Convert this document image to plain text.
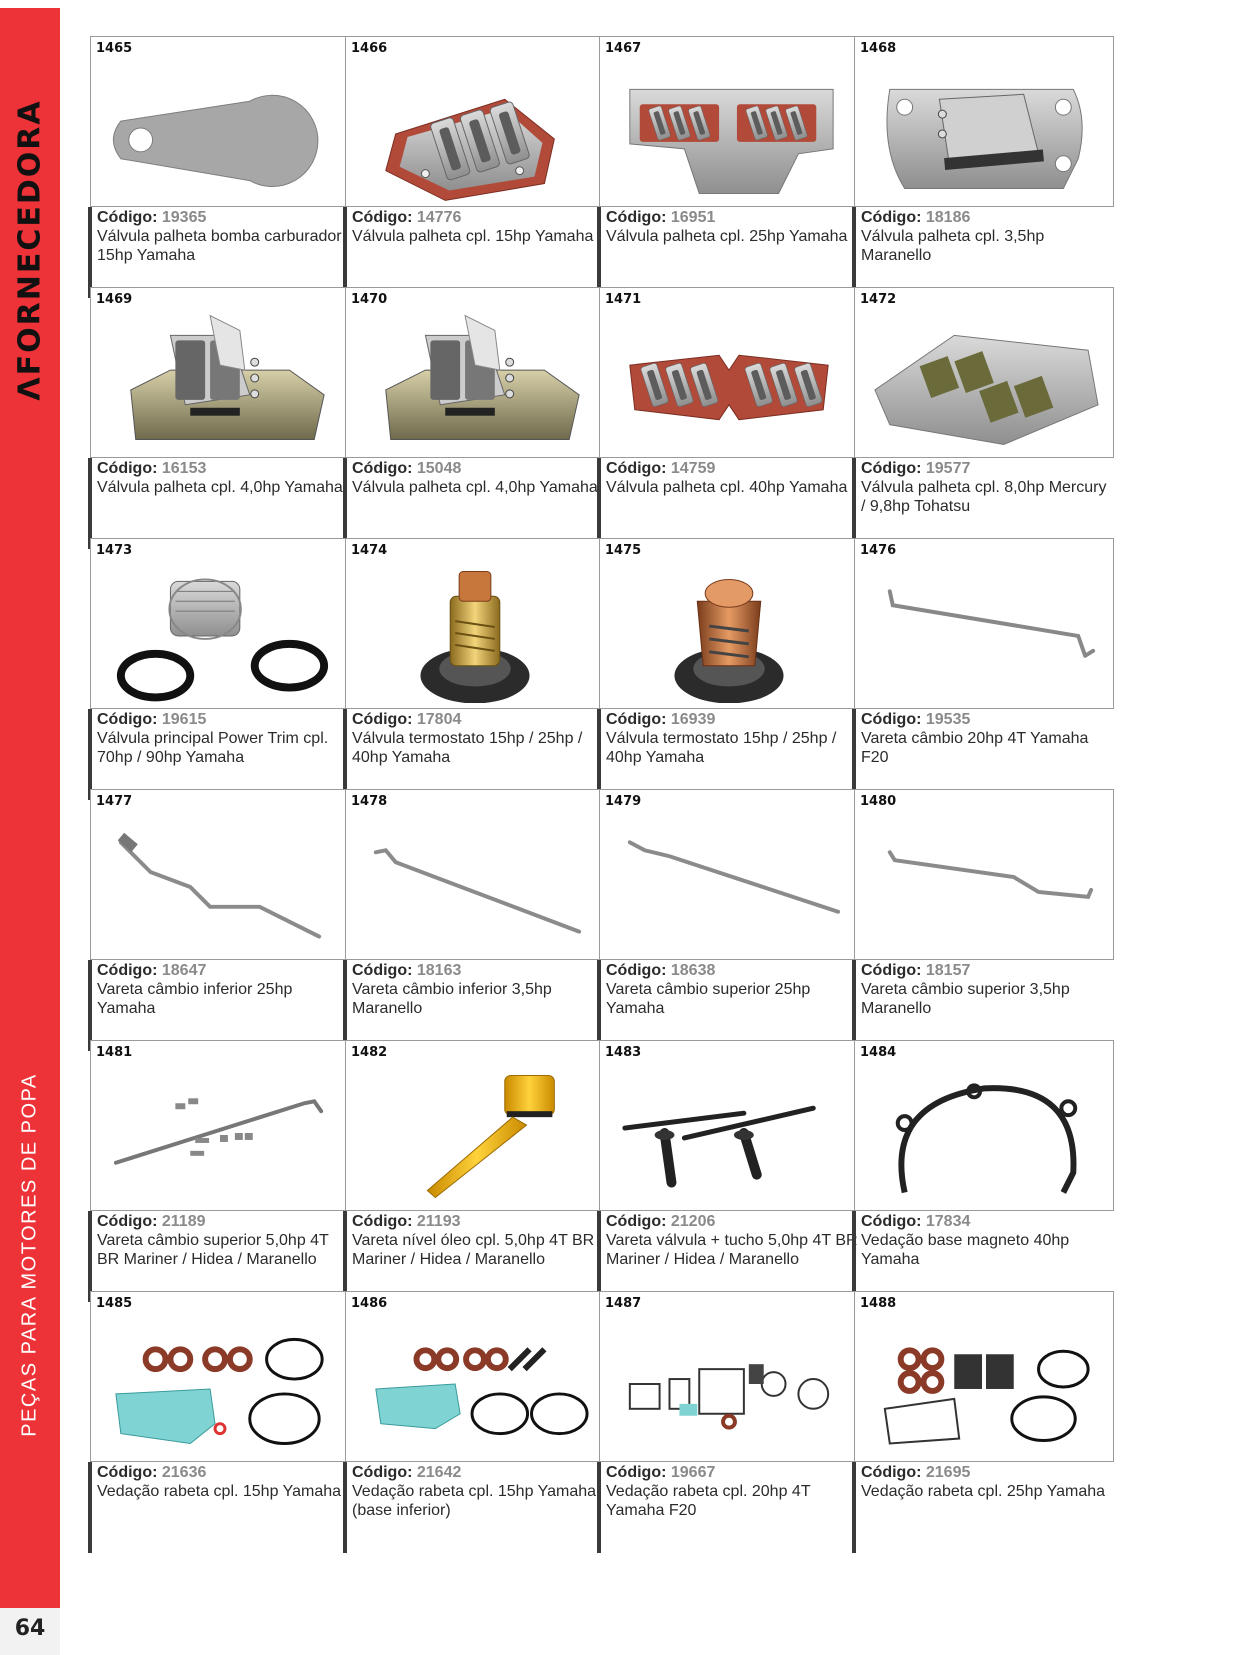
ΛFORNECEDORA
PEÇAS PARA MOTORES DE POPA
64
1465
Código: 19365
Válvula palheta bomba carburador 15hp Yamaha
1466
Código: 14776
Válvula palheta cpl. 15hp Yamaha
1467
Código: 16951
Válvula palheta cpl. 25hp Yamaha
1468
Código: 18186
Válvula palheta cpl. 3,5hp Maranello
1469
Código: 16153
Válvula palheta cpl. 4,0hp Yamaha
1470
Código: 15048
Válvula palheta cpl. 4,0hp Yamaha
1471
Código: 14759
Válvula palheta cpl. 40hp Yamaha
1472
Código: 19577
Válvula palheta cpl. 8,0hp Mercury / 9,8hp Tohatsu
1473
Código: 19615
Válvula principal Power Trim cpl. 70hp / 90hp Yamaha
1474
Código: 17804
Válvula termostato 15hp / 25hp / 40hp Yamaha
1475
Código: 16939
Válvula termostato 15hp / 25hp / 40hp Yamaha
1476
Código: 19535
Vareta câmbio 20hp 4T Yamaha F20
1477
Código: 18647
Vareta câmbio inferior 25hp Yamaha
1478
Código: 18163
Vareta câmbio inferior 3,5hp Maranello
1479
Código: 18638
Vareta câmbio superior 25hp Yamaha
1480
Código: 18157
Vareta câmbio superior 3,5hp Maranello
1481
Código: 21189
Vareta câmbio superior 5,0hp 4T BR Mariner / Hidea / Maranello
1482
Código: 21193
Vareta nível óleo cpl. 5,0hp 4T BR Mariner / Hidea / Maranello
1483
Código: 21206
Vareta válvula + tucho 5,0hp 4T BR Mariner / Hidea / Maranello
1484
Código: 17834
Vedação base magneto 40hp Yamaha
1485
Código: 21636
Vedação rabeta cpl. 15hp Yamaha
1486
Código: 21642
Vedação rabeta cpl. 15hp Yamaha (base inferior)
1487
Código: 19667
Vedação rabeta cpl. 20hp 4T Yamaha F20
1488
Código: 21695
Vedação rabeta cpl. 25hp Yamaha
